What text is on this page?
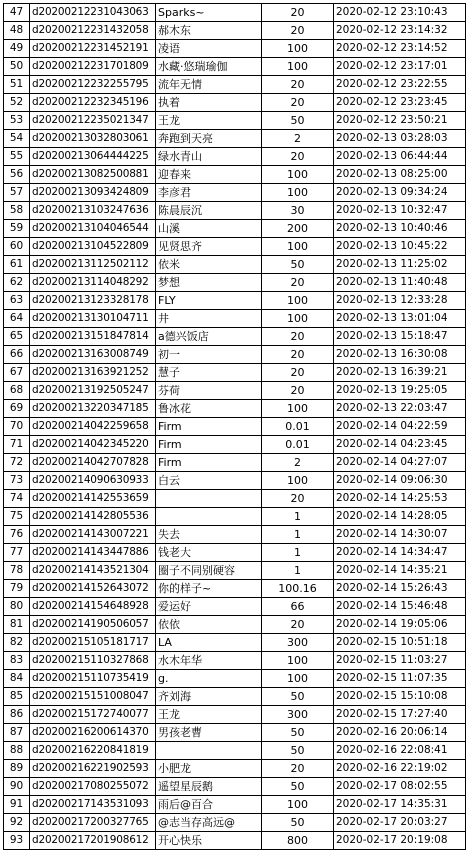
47	d20200212231043063	Sparks~	20	2020-02-12 23:10:43
48	d20200212231432058	郝木东	20	2020-02-12 23:14:32
49	d20200212231452191	凌语	100	2020-02-12 23:14:52
50	d20200212231701809	水藏·悠瑞瑜伽	100	2020-02-12 23:17:01
51	d20200212232255795	流年无情	20	2020-02-12 23:22:55
52	d20200212232345196	执着	20	2020-02-12 23:23:45
53	d20200212235021347	王龙	50	2020-02-12 23:50:21
54	d20200213032803061	奔跑到天亮	2	2020-02-13 03:28:03
55	d20200213064444225	绿水青山	20	2020-02-13 06:44:44
56	d20200213082500881	迎春来	100	2020-02-13 08:25:00
57	d20200213093424809	李彦君	100	2020-02-13 09:34:24
58	d20200213103247636	陈晨辰沉	30	2020-02-13 10:32:47
59	d20200213104046544	山溪	200	2020-02-13 10:40:46
60	d20200213104522809	见贤思齐	100	2020-02-13 10:45:22
61	d20200213112502112	依米	50	2020-02-13 11:25:02
62	d20200213114048292	梦想	20	2020-02-13 11:40:48
63	d20200213123328178	FLY	100	2020-02-13 12:33:28
64	d20200213130104711	井	100	2020-02-13 13:01:04
65	d20200213151847814	a德兴饭店	20	2020-02-13 15:18:47
66	d20200213163008749	初一	20	2020-02-13 16:30:08
67	d20200213163921252	慧子	20	2020-02-13 16:39:21
68	d20200213192505247	芬荷	20	2020-02-13 19:25:05
69	d20200213220347185	鲁冰花	100	2020-02-13 22:03:47
70	d20200214042259658	Firm	0.01	2020-02-14 04:22:59
71	d20200214042345220	Firm	0.01	2020-02-14 04:23:45
72	d20200214042707828	Firm	2	2020-02-14 04:27:07
73	d20200214090630933	白云	100	2020-02-14 09:06:30
74	d20200214142553659		20	2020-02-14 14:25:53
75	d20200214142805536		1	2020-02-14 14:28:05
76	d20200214143007221	失去	1	2020-02-14 14:30:07
77	d20200214143447886	钱老大	1	2020-02-14 14:34:47
78	d20200214143521304	圈子不同别硬容	1	2020-02-14 14:35:21
79	d20200214152643072	你的样子~	100.16	2020-02-14 15:26:43
80	d20200214154648928	爱运好	66	2020-02-14 15:46:48
81	d20200214190506057	依依	20	2020-02-14 19:05:06
82	d20200215105181717	LA	300	2020-02-15 10:51:18
83	d20200215110327868	水木年华	100	2020-02-15 11:03:27
84	d20200215110735419	g.	100	2020-02-15 11:07:35
85	d20200215151008047	齐刘海	50	2020-02-15 15:10:08
86	d20200215172740077	王龙	300	2020-02-15 17:27:40
87	d20200216200614370	男孩老曹	50	2020-02-16 20:06:14
88	d20200216220841819		50	2020-02-16 22:08:41
89	d20200216221902593	小肥龙	20	2020-02-16 22:19:02
90	d20200217080255072	遥望星辰鹅	50	2020-02-17 08:02:55
91	d20200217143531093	雨后@百合	100	2020-02-17 14:35:31
92	d20200217200327765	@志当存高远@	50	2020-02-17 20:03:27
93	d20200217201908612	开心快乐	800	2020-02-17 20:19:08
